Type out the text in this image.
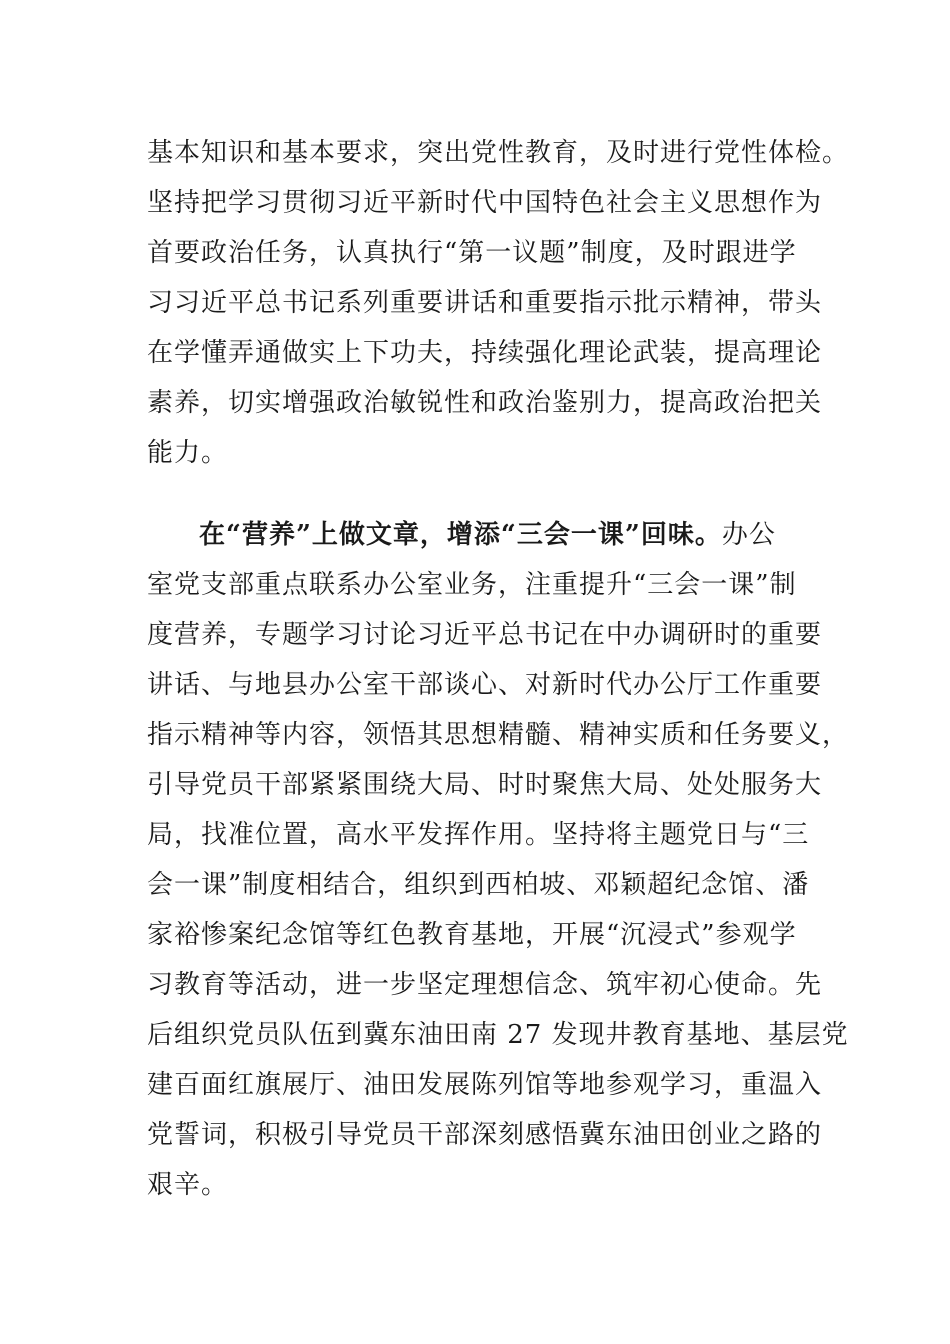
基本知识和基本要求，突出党性教育，及时进行党性体检。
坚持把学习贯彻习近平新时代中国特色社会主义思想作为
首要政治任务，认真执行“第一议题”制度，及时跟进学
习习近平总书记系列重要讲话和重要指示批示精神，带头
在学懂弄通做实上下功夫，持续强化理论武装，提高理论
素养，切实增强政治敏锐性和政治鉴别力，提高政治把关
能力。
在“营养”上做文章，增添“三会一课”回味。办公
室党支部重点联系办公室业务，注重提升“三会一课”制
度营养，专题学习讨论习近平总书记在中办调研时的重要
讲话、与地县办公室干部谈心、对新时代办公厅工作重要
指示精神等内容，领悟其思想精髓、精神实质和任务要义，
引导党员干部紧紧围绕大局、时时聚焦大局、处处服务大
局，找准位置，高水平发挥作用。坚持将主题党日与“三
会一课”制度相结合，组织到西柏坡、邓颖超纪念馆、潘
家裕惨案纪念馆等红色教育基地，开展“沉浸式”参观学
习教育等活动，进一步坚定理想信念、筑牢初心使命。先
后组织党员队伍到冀东油田南 27 发现井教育基地、基层党
建百面红旗展厅、油田发展陈列馆等地参观学习，重温入
党誓词，积极引导党员干部深刻感悟冀东油田创业之路的
艰辛。
